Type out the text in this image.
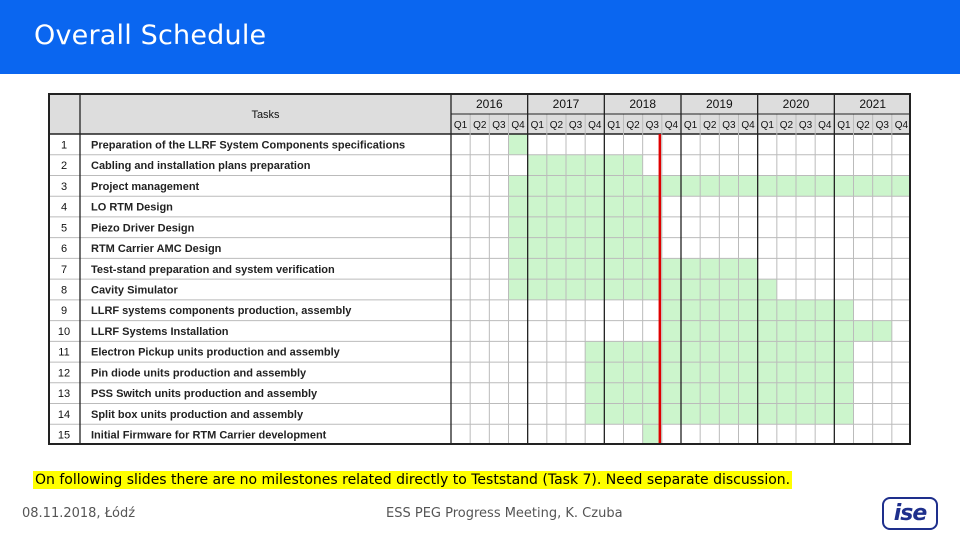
Overall Schedule
Tasks
2016	2017	2018	2019	2020	2021
Q1 Q2 Q3 Q4 Q1 Q2 Q3 Q4 Q1 Q2 Q3 Q4 Q1 Q2 Q3 Q4 Q1 Q2 Q3 Q4 Q1 Q2 Q3 Q4
1 Preparation of the LLRF System Components specifications
2 Cabling and installation plans preparation
3 Project management
4 LO RTM Design
5 Piezo Driver Design
6 RTM Carrier AMC Design
7 Test-stand preparation and system verification
8 Cavity Simulator
9 LLRF systems components production, assembly
10 LLRF Systems Installation
11 Electron Pickup units production and assembly
12 Pin diode units production and assembly
13 PSS Switch units production and assembly
14 Split box units production and assembly
15 Initial Firmware for RTM Carrier development
On following slides there are no milestones related directly to Teststand (Task 7). Need separate discussion.
08.11.2018, Łódź	ESS PEG Progress Meeting, K. Czuba	ise
